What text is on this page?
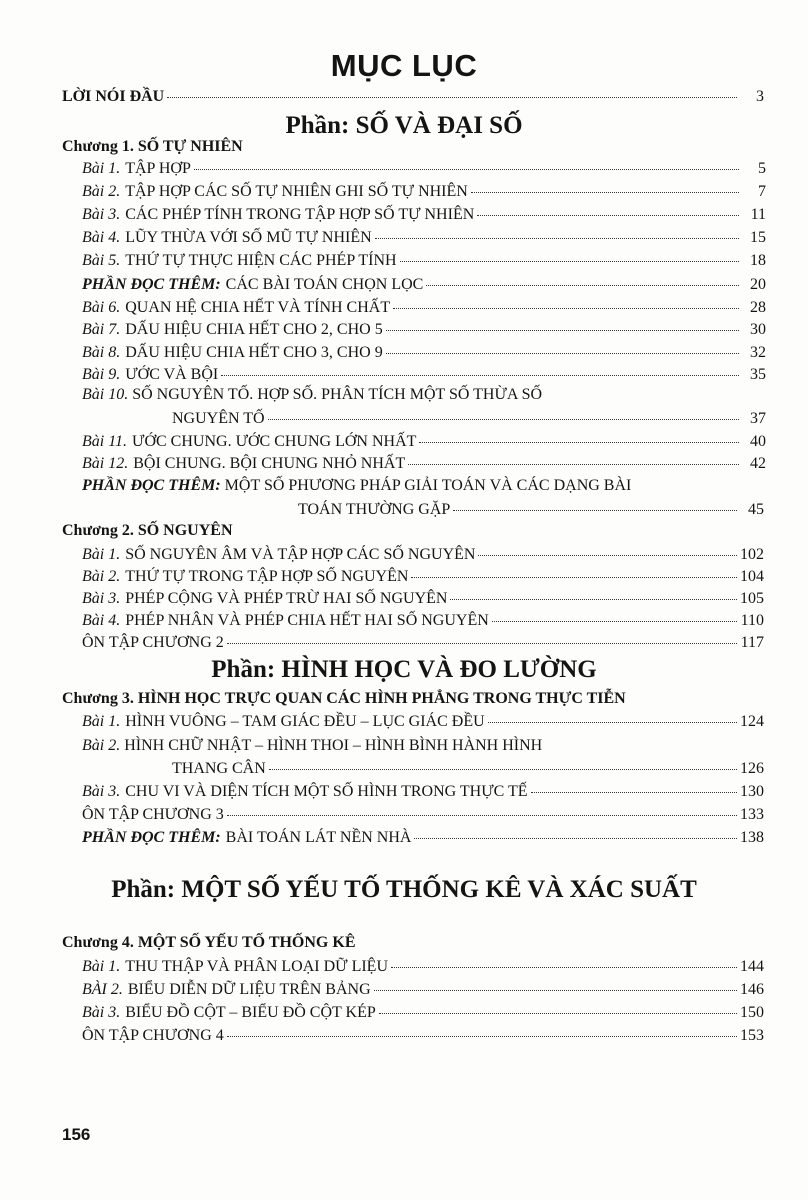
MỤC LỤC
LỜI NÓI ĐẦU	3
Phần: SỐ VÀ ĐẠI SỐ
Chương 1. SỐ TỰ NHIÊN
Bài 1. TẬP HỢP	5
Bài 2. TẬP HỢP CÁC SỐ TỰ NHIÊN GHI SỐ TỰ NHIÊN	7
Bài 3. CÁC PHÉP TÍNH TRONG TẬP HỢP SỐ TỰ NHIÊN	11
Bài 4. LŨY THỪA VỚI SỐ MŨ TỰ NHIÊN	15
Bài 5. THỨ TỰ THỰC HIỆN CÁC PHÉP TÍNH	18
PHẦN ĐỌC THÊM: CÁC BÀI TOÁN CHỌN LỌC	20
Bài 6. QUAN HỆ CHIA HẾT VÀ TÍNH CHẤT	28
Bài 7. DẤU HIỆU CHIA HẾT CHO 2, CHO 5	30
Bài 8. DẤU HIỆU CHIA HẾT CHO 3, CHO 9	32
Bài 9. ƯỚC VÀ BỘI	35
Bài 10. SỐ NGUYÊN TỐ. HỢP SỐ. PHÂN TÍCH MỘT SỐ THỪA SỐ
NGUYÊN TỐ	37
Bài 11. ƯỚC CHUNG. ƯỚC CHUNG LỚN NHẤT	40
Bài 12. BỘI CHUNG. BỘI CHUNG NHỎ NHẤT	42
PHẦN ĐỌC THÊM: MỘT SỐ PHƯƠNG PHÁP GIẢI TOÁN VÀ CÁC DẠNG BÀI
TOÁN THƯỜNG GẶP	45
Chương 2. SỐ NGUYÊN
Bài 1. SỐ NGUYÊN ÂM VÀ TẬP HỢP CÁC SỐ NGUYÊN	102
Bài 2. THỨ TỰ TRONG TẬP HỢP SỐ NGUYÊN	104
Bài 3. PHÉP CỘNG VÀ PHÉP TRỪ HAI SỐ NGUYÊN	105
Bài 4. PHÉP NHÂN VÀ PHÉP CHIA HẾT HAI SỐ NGUYÊN	110
ÔN TẬP CHƯƠNG 2	117
Phần: HÌNH HỌC VÀ ĐO LƯỜNG
Chương 3. HÌNH HỌC TRỰC QUAN CÁC HÌNH PHẲNG TRONG THỰC TIỄN
Bài 1. HÌNH VUÔNG – TAM GIÁC ĐỀU – LỤC GIÁC ĐỀU	124
Bài 2. HÌNH CHỮ NHẬT – HÌNH THOI – HÌNH BÌNH HÀNH HÌNH
THANG CÂN	126
Bài 3. CHU VI VÀ DIỆN TÍCH MỘT SỐ HÌNH TRONG THỰC TẾ	130
ÔN TẬP CHƯƠNG 3	133
PHẦN ĐỌC THÊM: BÀI TOÁN LÁT NỀN NHÀ	138
Phần: MỘT SỐ YẾU TỐ THỐNG KÊ VÀ XÁC SUẤT
Chương 4. MỘT SỐ YẾU TỐ THỐNG KÊ
Bài 1. THU THẬP VÀ PHÂN LOẠI DỮ LIỆU	144
BÀI 2. BIỂU DIỄN DỮ LIỆU TRÊN BẢNG	146
Bài 3. BIỂU ĐỒ CỘT – BIỂU ĐỒ CỘT KÉP	150
ÔN TẬP CHƯƠNG 4	153
156
